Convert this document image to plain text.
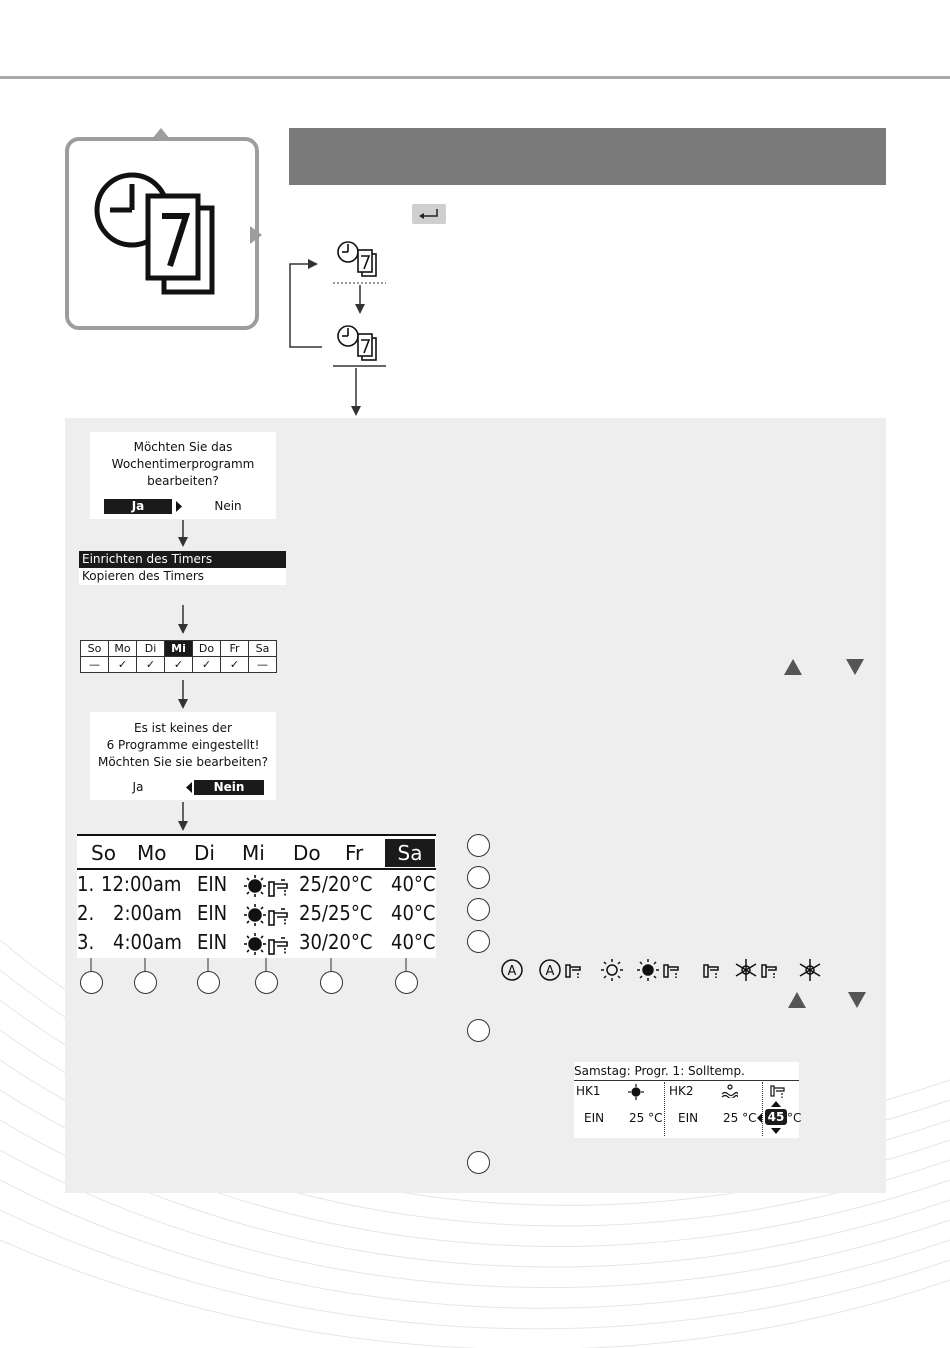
Möchten Sie das
Wochentimerprogramm
bearbeiten?
Ja	Nein
Einrichten des Timers
Kopieren des Timers
So	Mo	Di	Mi	Do	Fr	Sa
—	✓	✓	✓	✓	✓	—
Es ist keines der
6 Programme eingestellt!
Möchten Sie sie bearbeiten?
Ja	Nein
So Mo Di Mi Do Fr	Sa
1. 12:00am EIN	25/20°C 40°C
2. 2:00am EIN	25/25°C 40°C
3. 4:00am EIN	30/20°C 40°C
A A
Samstag: Progr. 1: Solltemp.
HK1	HK2
EIN 25 °C EIN 25 °C 45 °C
